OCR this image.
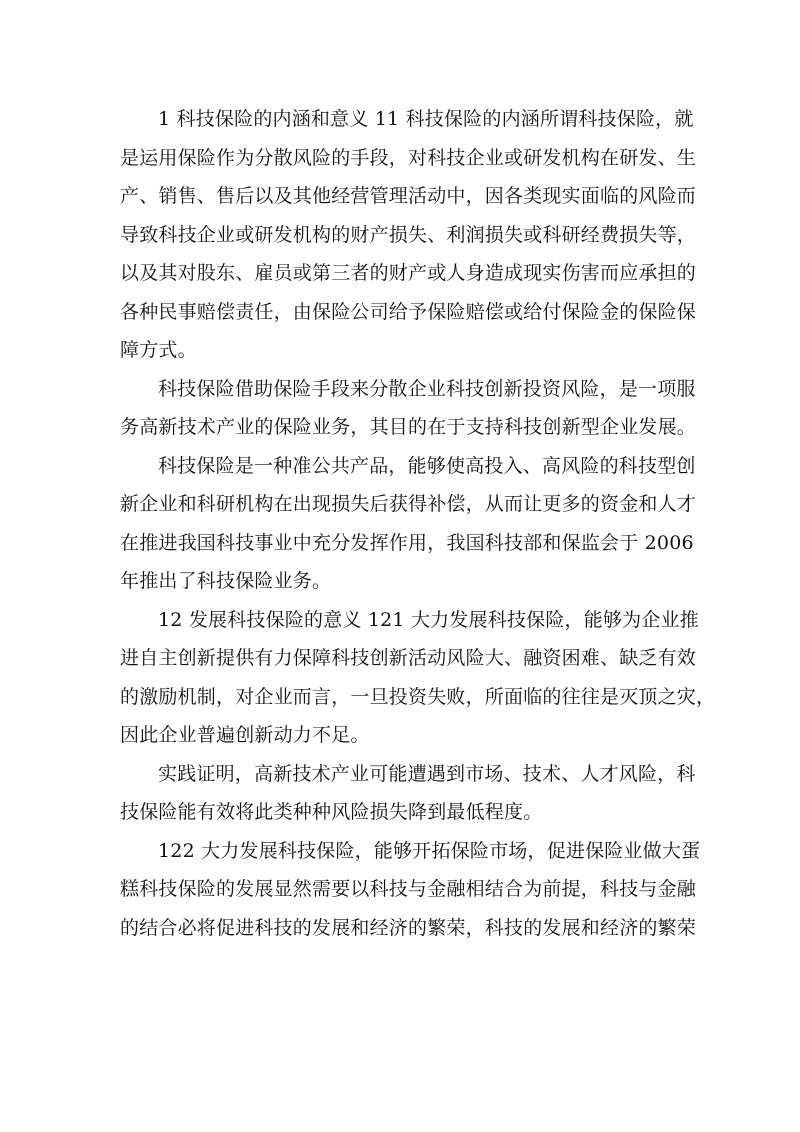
1 科技保险的内涵和意义 11 科技保险的内涵所谓科技保险，就
是运用保险作为分散风险的手段，对科技企业或研发机构在研发、生
产、销售、售后以及其他经营管理活动中，因各类现实面临的风险而
导致科技企业或研发机构的财产损失、利润损失或科研经费损失等，
以及其对股东、雇员或第三者的财产或人身造成现实伤害而应承担的
各种民事赔偿责任，由保险公司给予保险赔偿或给付保险金的保险保
障方式。

科技保险借助保险手段来分散企业科技创新投资风险，是一项服
务高新技术产业的保险业务，其目的在于支持科技创新型企业发展。

科技保险是一种准公共产品，能够使高投入、高风险的科技型创
新企业和科研机构在出现损失后获得补偿，从而让更多的资金和人才
在推进我国科技事业中充分发挥作用，我国科技部和保监会于 2006
年推出了科技保险业务。

12 发展科技保险的意义 121 大力发展科技保险，能够为企业推
进自主创新提供有力保障科技创新活动风险大、融资困难、缺乏有效
的激励机制，对企业而言，一旦投资失败，所面临的往往是灭顶之灾，
因此企业普遍创新动力不足。

实践证明，高新技术产业可能遭遇到市场、技术、人才风险，科
技保险能有效将此类种种风险损失降到最低程度。

122 大力发展科技保险，能够开拓保险市场，促进保险业做大蛋
糕科技保险的发展显然需要以科技与金融相结合为前提，科技与金融
的结合必将促进科技的发展和经济的繁荣，科技的发展和经济的繁荣
